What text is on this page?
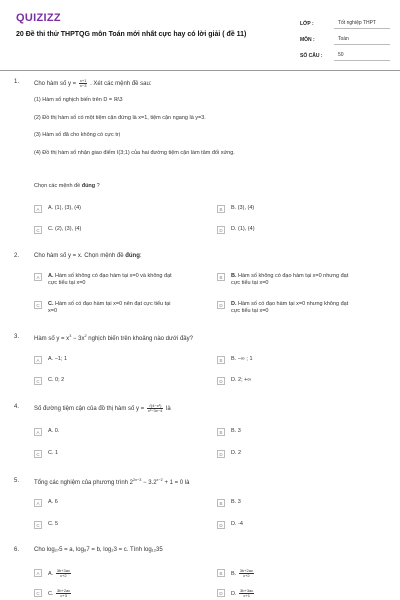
QUIZIZZ
20 Đề thi thử THPTQG môn Toán mới nhất cực hay có lời giải ( đề 11)
LỚP :	Tốt nghiệp THPT
MÔN :	Toán
SỐ CÂU :	50
1. Cho hàm số $y = \frac{x+1}{x-3}$ . Xét các mệnh đề sau:
(1) Hàm số nghịch biến trên D = ℝ\3
(2) Đồ thị hàm số có một tiệm cận đứng là x=1, tiệm cận ngang là y=3.
(3) Hàm số đã cho không có cực trị
(4) Đồ thị hàm số nhận giao điểm I(3;1) của hai đường tiệm cận làm tâm đối xứng.
Chọn các mệnh đề đúng ?
A	A. (1), (3), (4)	B	B. (3), (4)
C	C. (2), (3), (4)	D	D. (1), (4)
2. Cho hàm số y = x. Chọn mệnh đề đúng:
A	A. Hàm số không có đạo hàm tại x=0 và không đạt
cực tiểu tại x=0
B	B. Hàm số không có đạo hàm tại x=0 nhưng đạt
cực tiểu tại x=0
C	C. Hàm số có đạo hàm tại x=0 nên đạt cực tiểu tại
x=0
D	D. Hàm số có đạo hàm tại x=0 nhưng không đạt
cực tiểu tại x=0
3. Hàm số $y = x^3 - 3x^2$ nghịch biến trên khoảng nào dưới đây?
A	A. −1; 1	B	B. −∞ ; 1
C	C. 0; 2	D	D. 2; +∞
4. Số đường tiệm cận của đồ thị hàm số $y = \frac{\text{√(4−x²)}}{\text{x²−3x−4}}$ là
A	A. 0.	B	B. 3
C	C. 1	D	D. 2
5. Tổng các nghiệm của phương trình $2^{2x-3} - 3.2^{x-2} + 1 = 0$ là
A	A. 6	B	B. 3
C	C. 5	D	D. -4
6. Cho log₂₇5 = a, log₈7 = b, log₂3 = c. Tính log₁₂35
A	A. $\frac{3b+3ac}{c+2}$	B	B. $\frac{3b+2ac}{c+2}$
C	C. $\frac{3b+2ac}{c+3}$	D	D. $\frac{3b+3ac}{c+1}$
